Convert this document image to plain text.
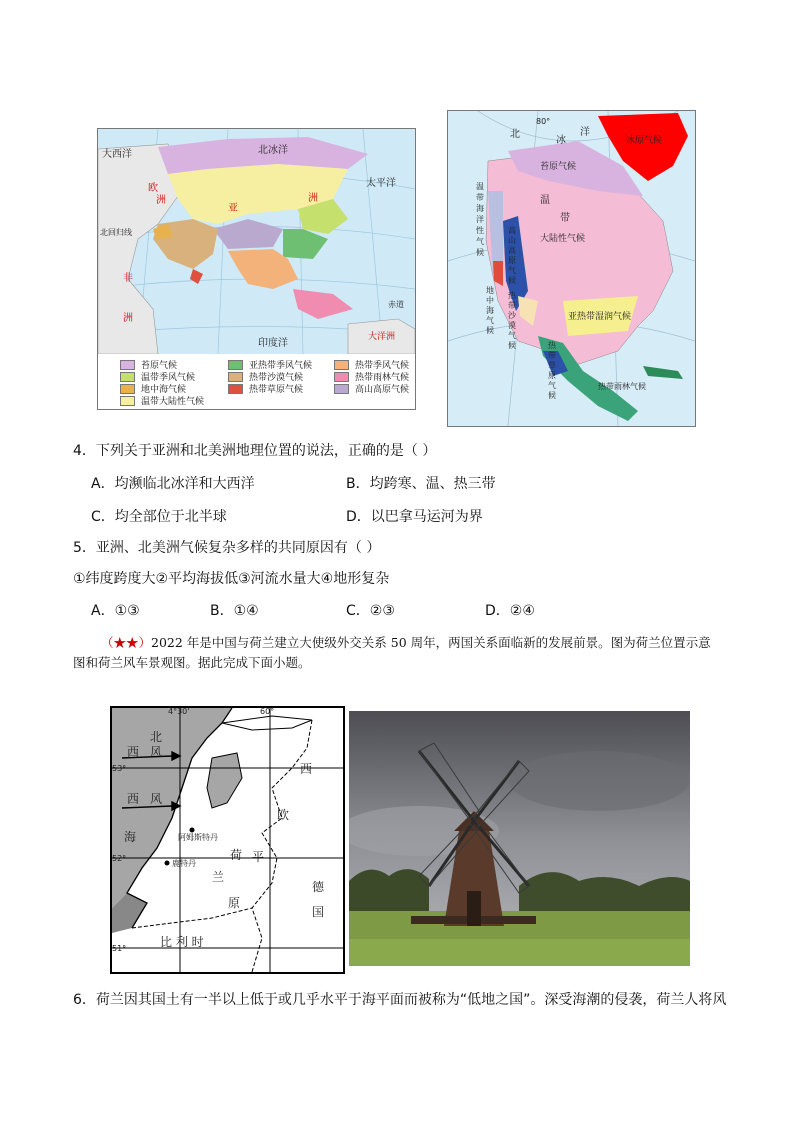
大西洋	北冰洋
太平洋
印度洋
北回归线
赤道
欧
洲
亚
洲
非
洲
大洋洲
苔原气候
温带季风气候
地中海气候
温带大陆性气候
亚热带季风气候
热带沙漠气候
热带草原气候
热带季风气候
热带雨林气候
高山高原气候
80°
北
冰
洋
冰原气候
苔原气候
温
带
大陆性气候
温带海洋性气候
高山高原气候
地中海气候
热带沙漠气候
亚热带湿润气候
热带草原气候
热带雨林气候
4．下列关于亚洲和北美洲地理位置的说法，正确的是（ ）
A．均濒临北冰洋和大西洋	B．均跨寒、温、热三带
C．均全部位于北半球	D．以巴拿马运河为界
5．亚洲、北美洲气候复杂多样的共同原因有（ ）
①纬度跨度大②平均海拔低③河流水量大④地形复杂
A．①③	B．①④	C．②③	D．②④
（★★）2022 年是中国与荷兰建立大使级外交关系 50 周年，两国关系面临新的发展前景。图为荷兰位置示意图和荷兰风车景观图。据此完成下面小题。
4°30'	60°
53°
52°
51°
北
西 风
西 风
海	阿姆斯特丹
鹿特丹
西
欧
荷 平
兰
原
德
国
比 利 时
6．荷兰因其国土有一半以上低于或几乎水平于海平面而被称为“低地之国”。深受海潮的侵袭，荷兰人将风
